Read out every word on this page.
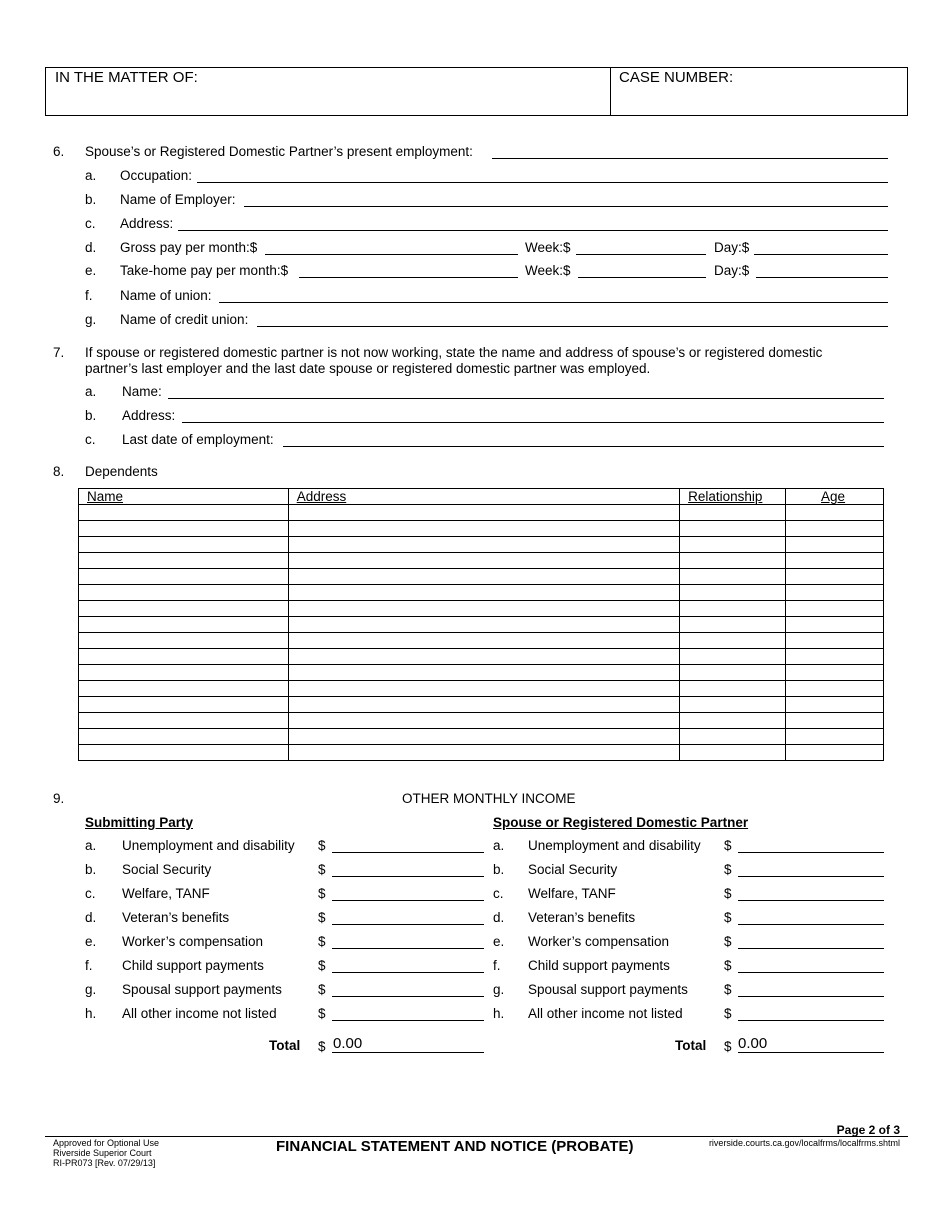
IN THE MATTER OF:	CASE NUMBER:
6. Spouse’s or Registered Domestic Partner’s present employment:
a. Occupation:
b. Name of Employer:
c. Address:
d. Gross pay per month:$	Week:$	Day:$
e. Take-home pay per month:$	Week:$	Day:$
f. Name of union:
g. Name of credit union:
7. If spouse or registered domestic partner is not now working, state the name and address of spouse’s or registered domestic
partner’s last employer and the last date spouse or registered domestic partner was employed.
a. Name:
b. Address:
c. Last date of employment:
8. Dependents
Name	Address	Relationship	Age

9.	OTHER MONTHLY INCOME
Submitting Party	Spouse or Registered Domestic Partner
a. Unemployment and disability $	a. Unemployment and disability $
b. Social Security	$	b. Social Security	$
c. Welfare, TANF	$	c. Welfare, TANF	$
d. Veteran’s benefits	$	d. Veteran’s benefits	$
e. Worker’s compensation	$	e. Worker’s compensation	$
f. Child support payments	$	f. Child support payments	$
g. Spousal support payments	$	g. Spousal support payments	$
h. All other income not listed	$	h. All other income not listed	$
Total $ 0.00	Total $ 0.00
Approved for Optional Use
Riverside Superior Court
RI-PR073 [Rev. 07/29/13]
FINANCIAL STATEMENT AND NOTICE (PROBATE)
Page 2 of 3
riverside.courts.ca.gov/localfrms/localfrms.shtml
